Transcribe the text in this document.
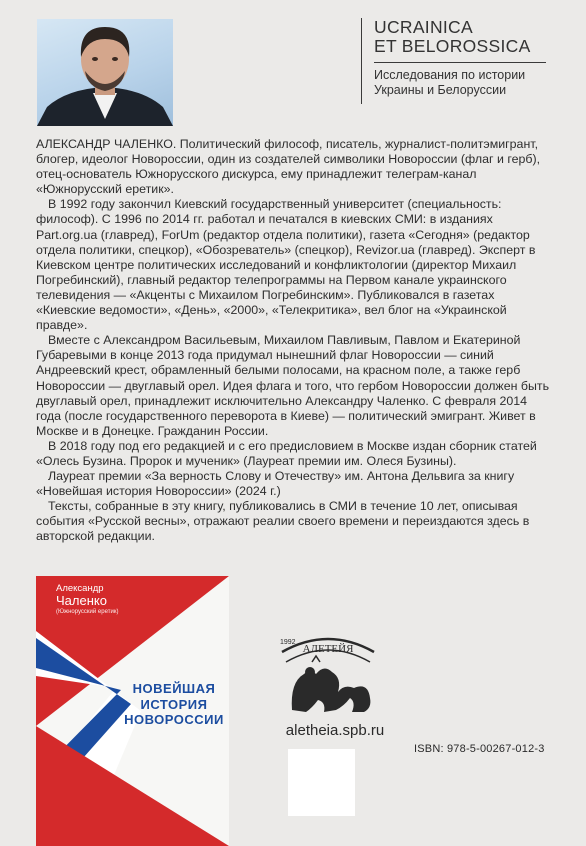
UCRAINICA
ET BELOROSSICA
Исследования по истории
Украины и Белоруссии

АЛЕКСАНДР ЧАЛЕНКО. Политический философ, писатель, журналист-политэмигрант, блогер, идеолог Новороссии, один из создателей символики Новороссии (флаг и герб), отец-основатель Южнорусского дискурса, ему принадлежит телеграм-канал «Южнорусский еретик».

В 1992 году закончил Киевский государственный университет (специальность: философ). С 1996 по 2014 гг. работал и печатался в киевских СМИ: в изданиях Part.org.ua (главред), ForUm (редактор отдела политики), газета «Сегодня» (редактор отдела политики, спецкор), «Обозреватель» (спецкор), Revizor.ua (главред). Эксперт в Киевском центре политических исследований и конфликтологии (директор Михаил Погребинский), главный редактор телепрограммы на Первом канале украинского телевидения — «Акценты с Михаилом Погребинским». Публиковался в газетах «Киевские ведомости», «День», «2000», «Телекритика», вел блог на «Украинской правде».

Вместе с Александром Васильевым, Михаилом Павливым, Павлом и Екатериной Губаревыми в конце 2013 года придумал нынешний флаг Новороссии — синий Андреевский крест, обрамленный белыми полосами, на красном поле, а также герб Новороссии — двуглавый орел. Идея флага и того, что гербом Новороссии должен быть двуглавый орел, принадлежит исключительно Александру Чаленко. С февраля 2014 года (после государственного переворота в Киеве) — политический эмигрант. Живет в Москве и в Донецке. Гражданин России.

В 2018 году под его редакцией и с его предисловием в Москве издан сборник статей «Олесь Бузина. Пророк и мученик» (Лауреат премии им. Олеся Бузины).

Лауреат премии «За верность Слову и Отечеству» им. Антона Дельвига за книгу «Новейшая история Новороссии» (2024 г.)

Тексты, собранные в эту книгу, публиковались в СМИ в течение 10 лет, описывая события «Русской весны», отражают реалии своего времени и переиздаются здесь в авторской редакции.

Александр
Чаленко
(Южнорусский еретик)
НОВЕЙШАЯ
ИСТОРИЯ
НОВОРОССИИ
1992
АЛЕТЕЙЯ
aletheia.spb.ru
ISBN: 978-5-00267-012-3
